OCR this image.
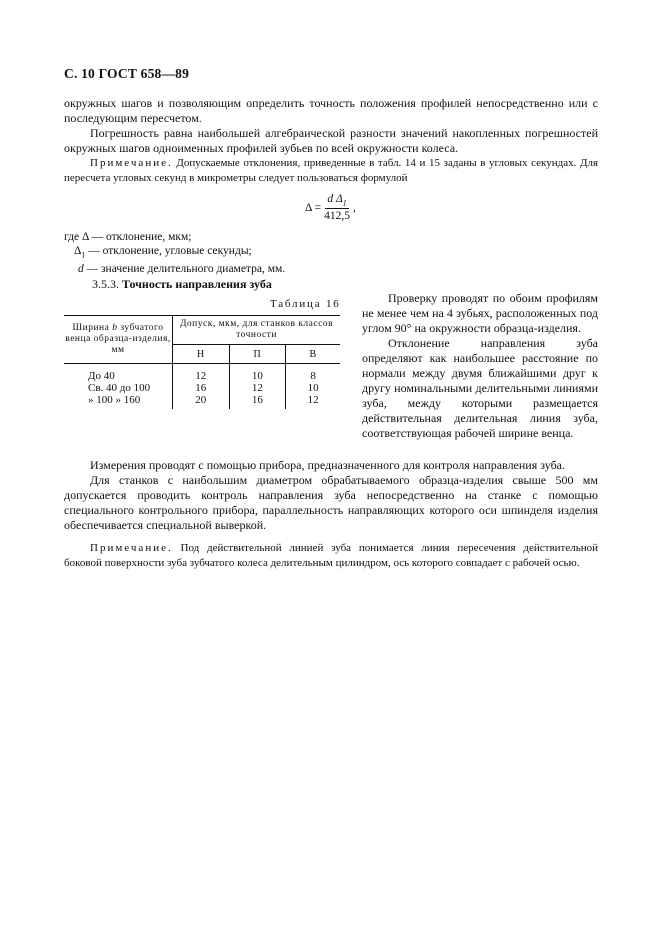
С. 10 ГОСТ 658—89

окружных шагов и позволяющим определить точность положения профилей непосредственно или с последующим пересчетом.

Погрешность равна наибольшей алгебраической разности значений накопленных погрешностей окружных шагов одноименных профилей зубьев по всей окружности колеса.

Примечание. Допускаемые отклонения, приведенные в табл. 14 и 15 заданы в угловых секундах. Для пересчета угловых секунд в микрометры следует пользоваться формулой

$\Delta = \frac{d \Delta_1}{412,5}$ ,
где Δ — отклонение, мкм;
$\Delta_1$ — отклонение, угловые секунды;
d — значение делительного диаметра, мм.
3.5.3. Точность направления зуба
Таблица 16

Ширина b зубчатого венца образца-изделия, мм	Допуск, мкм, для станков классов точности		
	Н	П	В
До 40	12	10	8
Св. 40 до 100	16	12	10
» 100 » 160	20	16	12

Проверку проводят по обоим профилям не менее чем на 4 зубьях, расположенных под углом 90° на окружности образца-изделия.

Отклонение направления зуба определяют как наибольшее расстояние по нормали между двумя ближайшими друг к другу номинальными делительными линиями зуба, между которыми размещается действительная делительная линия зуба, соответствующая рабочей ширине венца.

Измерения проводят с помощью прибора, предназначенного для контроля направления зуба.

Для станков с наибольшим диаметром обрабатываемого образца-изделия свыше 500 мм допускается проводить контроль направления зуба непосредственно на станке с помощью специального контрольного прибора, параллельность направляющих которого оси шпинделя изделия обеспечивается специальной выверкой.

Примечание. Под действительной линией зуба понимается линия пересечения действительной боковой поверхности зуба зубчатого колеса делительным цилиндром, ось которого совпадает с рабочей осью.
